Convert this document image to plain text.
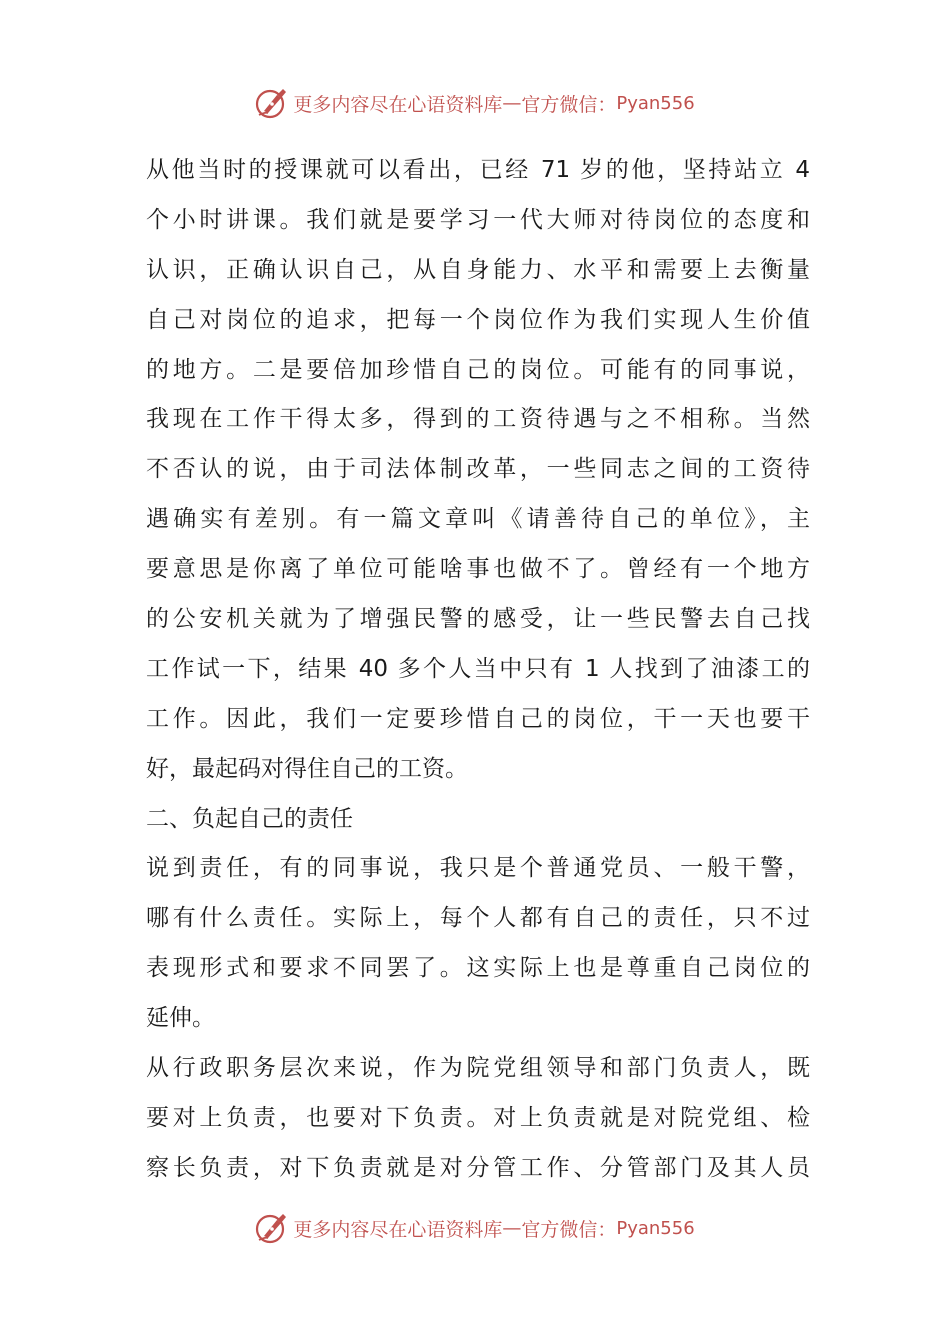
更多内容尽在心语资料库 — 官方微信： Pyan556
从他当时的授课就可以看出，已经 71 岁的他，坚持站立 4
个小时讲课。我们就是要学习一代大师对待岗位的态度和
认识，正确认识自己，从自身能力、水平和需要上去衡量
自己对岗位的追求，把每一个岗位作为我们实现人生价值
的地方。二是要倍加珍惜自己的岗位。可能有的同事说，
我现在工作干得太多，得到的工资待遇与之不相称。当然
不否认的说，由于司法体制改革，一些同志之间的工资待
遇确实有差别。有一篇文章叫《请善待自己的单位》，主
要意思是你离了单位可能啥事也做不了。曾经有一个地方
的公安机关就为了增强民警的感受，让一些民警去自己找
工作试一下，结果 40 多个人当中只有 1 人找到了油漆工的
工作。因此，我们一定要珍惜自己的岗位，干一天也要干
好，最起码对得住自己的工资。
二、负起自己的责任
说到责任，有的同事说，我只是个普通党员、一般干警，
哪有什么责任。实际上，每个人都有自己的责任，只不过
表现形式和要求不同罢了。这实际上也是尊重自己岗位的
延伸。
从行政职务层次来说，作为院党组领导和部门负责人，既
要对上负责，也要对下负责。对上负责就是对院党组、检
察长负责，对下负责就是对分管工作、分管部门及其人员
更多内容尽在心语资料库 — 官方微信： Pyan556
